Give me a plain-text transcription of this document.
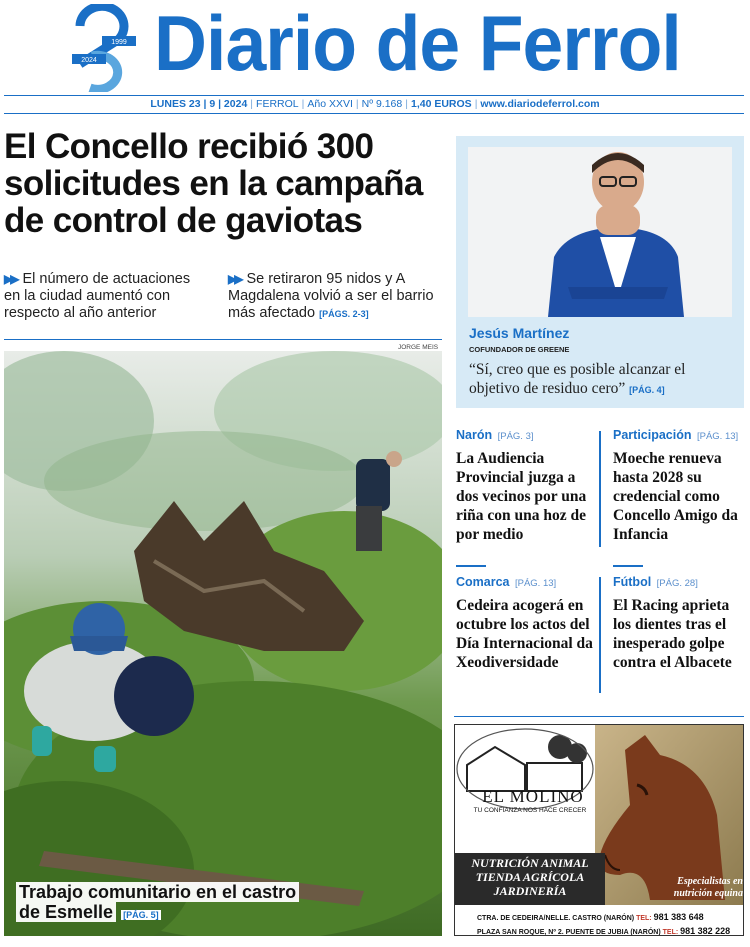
1999
2024
25 Diario de Ferrol
LUNES 23 | 9 | 2024 | FERROL | Año XXVI | Nº 9.168 | 1,40 EUROS | www.diariodeferrol.com
El Concello recibió 300 solicitudes en la campaña de control de gaviotas
▶▶ El número de actuaciones en la ciudad aumentó con respecto al año anterior
▶▶ Se retiraron 95 nidos y A Magdalena volvió a ser el barrio más afectado [PÁGS. 2-3]
JORGE MEIS
Trabajo comunitario en el castro de Esmelle [PÁG. 5]
Jesús Martínez
COFUNDADOR DE GREENE
“Sí, creo que es posible alcanzar el objetivo de residuo cero” [PÁG. 4]
Narón [PÁG. 3]
La Audiencia Provincial juzga a dos vecinos por una riña con una hoz de por medio
Participación [PÁG. 13]
Moeche renueva hasta 2028 su credencial como Concello Amigo da Infancia
Comarca [PÁG. 13]
Cedeira acogerá en octubre los actos del Día Internacional da Xeodiversidade
Fútbol [PÁG. 28]
El Racing aprieta los dientes tras el inesperado golpe contra el Albacete
EL MOLINO
TU CONFIANZA NOS HACE CRECER
NUTRICIÓN ANIMAL
TIENDA AGRÍCOLA
JARDINERÍA
Especialistas en
nutrición equina
CTRA. DE CEDEIRA/NELLE. CASTRO (NARÓN) TEL: 981 383 648
PLAZA SAN ROQUE, Nº 2. PUENTE DE JUBIA (NARÓN) TEL: 981 382 228
